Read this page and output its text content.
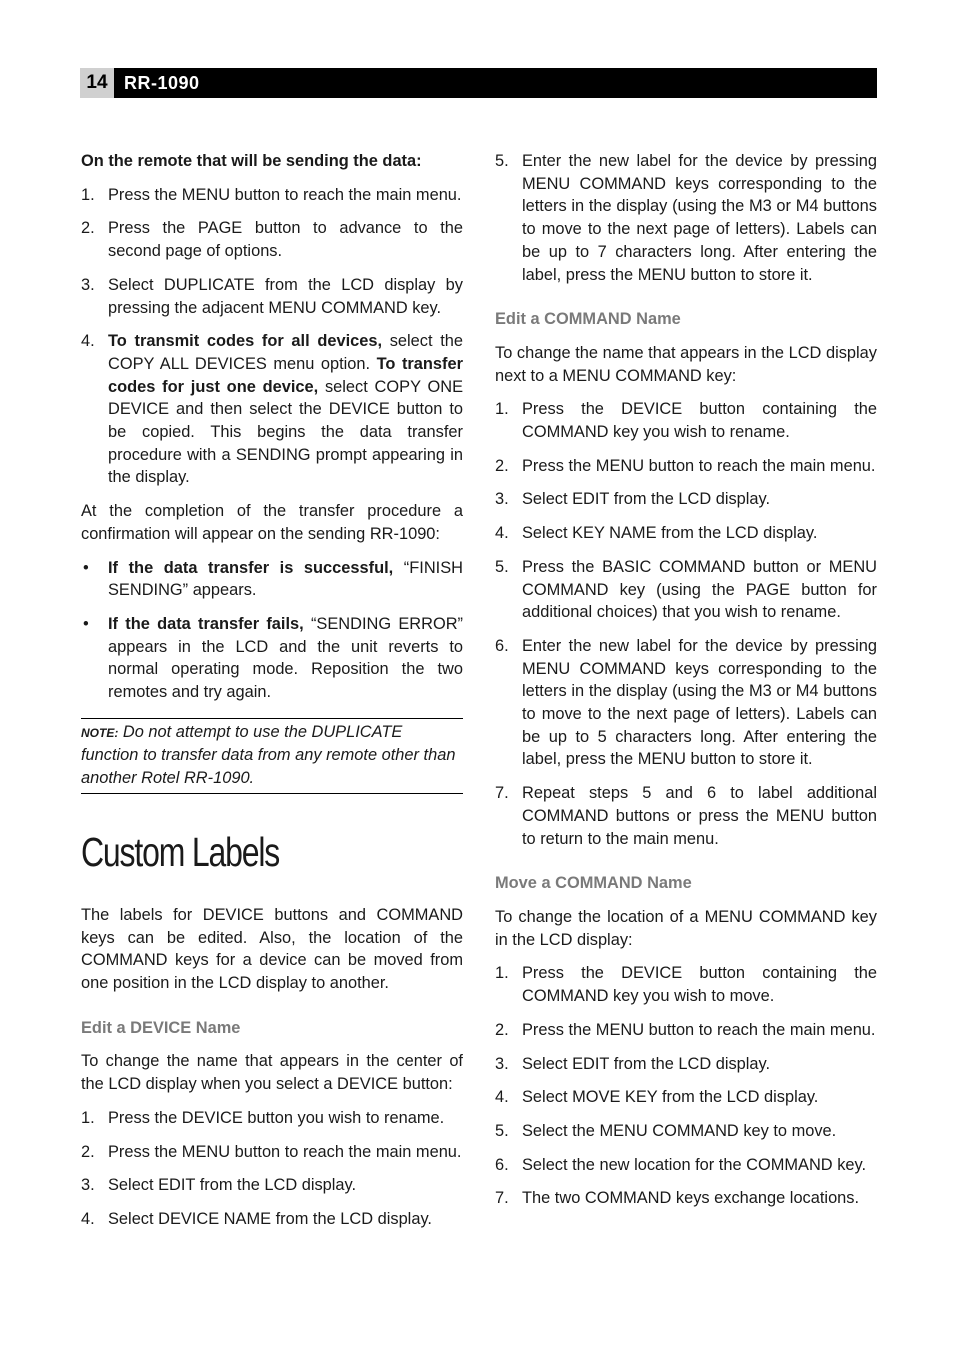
14 RR-1090

On the remote that will be sending the data:

1. Press the MENU button to reach the main menu.
2. Press the PAGE button to advance to the second page of options.
3. Select DUPLICATE from the LCD display by pressing the adjacent MENU COMMAND key.
4. To transmit codes for all devices, select the COPY ALL DEVICES menu option. To transfer codes for just one device, select COPY ONE DEVICE and then select the DEVICE button to be copied. This begins the data transfer procedure with a SENDING prompt appearing in the display.

At the completion of the transfer procedure a confirmation will appear on the sending RR-1090:

• If the data transfer is successful, “FINISH SENDING” appears.
• If the data transfer fails, “SENDING ERROR” appears in the LCD and the unit reverts to normal operating mode. Reposition the two remotes and try again.
NOTE: Do not attempt to use the DUPLICATE function to transfer data from any remote other than another Rotel RR-1090.
Custom Labels

The labels for DEVICE buttons and COMMAND keys can be edited. Also, the location of the COMMAND keys for a device can be moved from one position in the LCD display to another.

Edit a DEVICE Name

To change the name that appears in the center of the LCD display when you select a DEVICE button:

1. Press the DEVICE button you wish to rename.
2. Press the MENU button to reach the main menu.
3. Select EDIT from the LCD display.
4. Select DEVICE NAME from the LCD display.
5. Enter the new label for the device by pressing MENU COMMAND keys corresponding to the letters in the display (using the M3 or M4 buttons to move to the next page of letters). Labels can be up to 7 characters long. After entering the label, press the MENU button to store it.
Edit a COMMAND Name

To change the name that appears in the LCD display next to a MENU COMMAND key:

1. Press the DEVICE button containing the COMMAND key you wish to rename.
2. Press the MENU button to reach the main menu.
3. Select EDIT from the LCD display.
4. Select KEY NAME from the LCD display.
5. Press the BASIC COMMAND button or MENU COMMAND key (using the PAGE button for additional choices) that you wish to rename.
6. Enter the new label for the device by pressing MENU COMMAND keys corresponding to the letters in the display (using the M3 or M4 buttons to move to the next page of letters). Labels can be up to 5 characters long. After entering the label, press the MENU button to store it.
7. Repeat steps 5 and 6 to label additional COMMAND buttons or press the MENU button to return to the main menu.
Move a COMMAND Name

To change the location of a MENU COMMAND key in the LCD display:

1. Press the DEVICE button containing the COMMAND key you wish to move.
2. Press the MENU button to reach the main menu.
3. Select EDIT from the LCD display.
4. Select MOVE KEY from the LCD display.
5. Select the MENU COMMAND key to move.
6. Select the new location for the COMMAND key.
7. The two COMMAND keys exchange locations.
